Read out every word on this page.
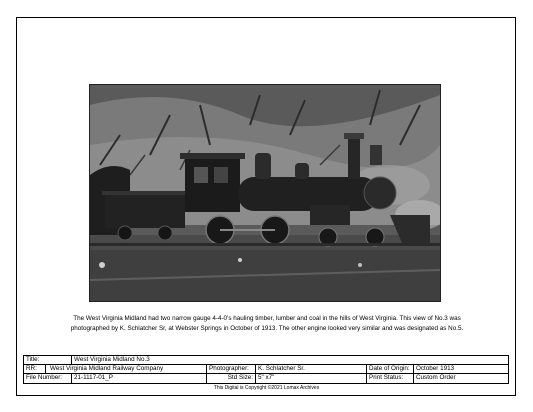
The West Virginia Midland had two narrow gauge 4-4-0’s hauling timber, lumber and coal in the hills of West Virginia. This view of No.3 was
photographed by K. Schlatcher Sr, at Webster Springs in October of 1913. The other engine looked very similar and was designated as No.5.
Title:	West Virginia Midland No.3
RR:	West Virginia Midland Railway Company	Photographer:	K. Schlatcher Sr.	Date of Origin:	October 1913
File Number:	21-1117-01_P	Std Size: 5" x7"	Print Status:	Custom Order
This Digital is Copyright ©2021 Lomax Archives
